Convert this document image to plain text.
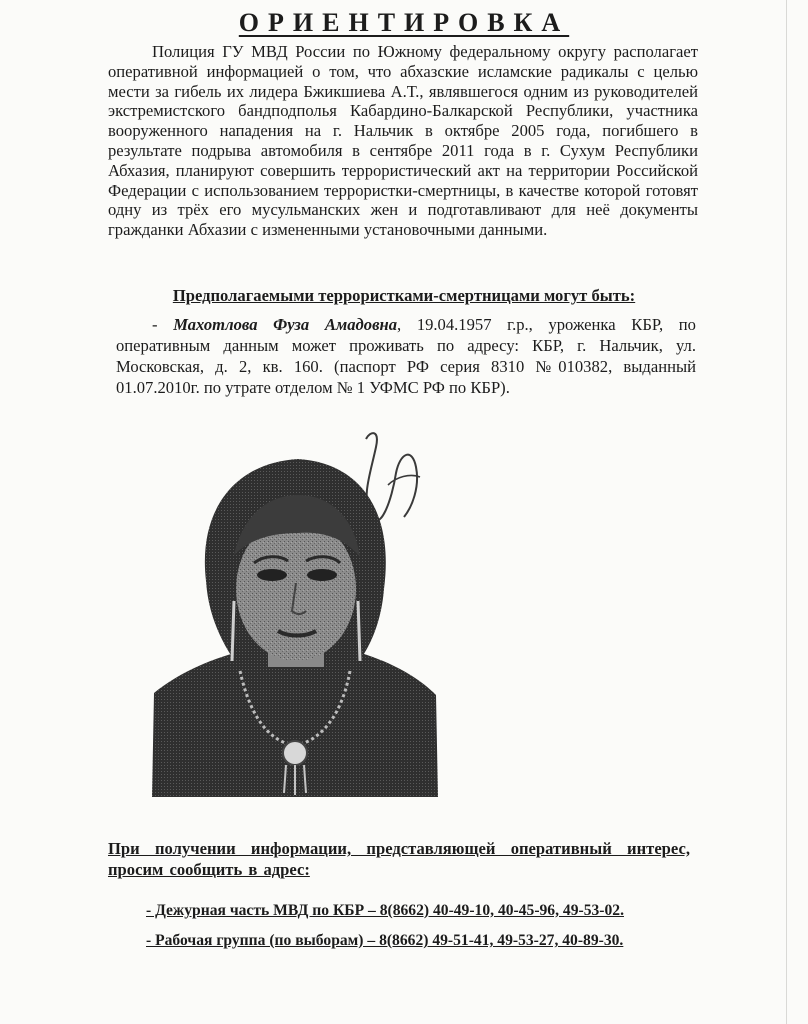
ОРИЕНТИРОВКА
Полиция ГУ МВД России по Южному федеральному округу располагает оперативной информацией о том, что абхазские исламские радикалы с целью мести за гибель их лидера Бжикшиева А.Т., являвшегося одним из руководителей экстремистского бандподполья Кабардино-Балкарской Республики, участника вооруженного нападения на г. Нальчик в октябре 2005 года, погибшего в результате подрыва автомобиля в сентябре 2011 года в г. Сухум Республики Абхазия, планируют совершить террористический акт на территории Российской Федерации с использованием террористки-смертницы, в качестве которой готовят одну из трёх его мусульманских жен и подготавливают для неё документы гражданки Абхазии с измененными установочными данными.
Предполагаемыми террористками-смертницами могут быть:
- Махотлова Фуза Амадовна, 19.04.1957 г.р., уроженка КБР, по оперативным данным может проживать по адресу: КБР, г. Нальчик, ул. Московская, д. 2, кв. 160. (паспорт РФ серия 8310 №010382, выданный 01.07.2010г. по утрате отделом № 1 УФМС РФ по КБР).
При получении информации, представляющей оперативный интерес, просим сообщить в адрес:
- Дежурная часть МВД по КБР – 8(8662) 40-49-10, 40-45-96, 49-53-02.
- Рабочая группа (по выборам) – 8(8662) 49-51-41, 49-53-27, 40-89-30.
